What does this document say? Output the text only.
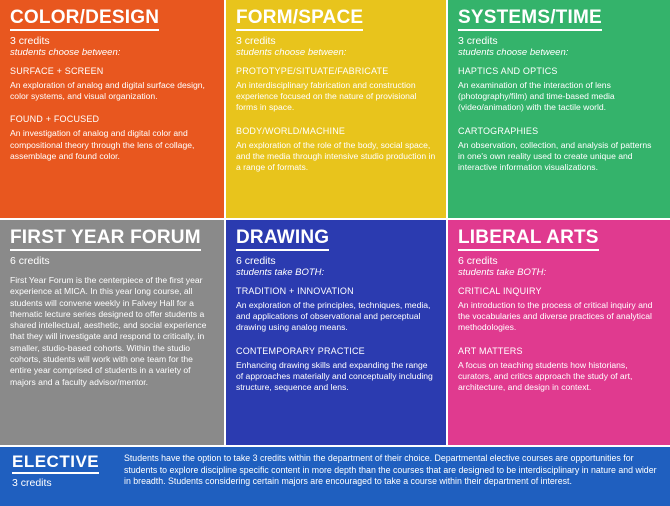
COLOR/DESIGN
3 credits
students choose between:
SURFACE + SCREEN
An exploration of analog and digital surface design, color systems, and visual organization.
FOUND + FOCUSED
An investigation of analog and digital color and compositional theory through the lens of collage, assemblage and found color.
FORM/SPACE
3 credits
students choose between:
PROTOTYPE/SITUATE/FABRICATE
An interdisciplinary fabrication and construction experience focused on the nature of provisional forms in space.
BODY/WORLD/MACHINE
An exploration of the role of the body, social space, and the media through intensive studio production in a range of formats.
SYSTEMS/TIME
3 credits
students choose between:
HAPTICS AND OPTICS
An examination of the interaction of lens (photography/film) and time-based media (video/animation) with the tactile world.
CARTOGRAPHIES
An observation, collection, and analysis of patterns in one's own reality used to create unique and interactive information visualizations.
FIRST YEAR FORUM
6 credits
First Year Forum is the centerpiece of the first year experience at MICA. In this year long course, all students will convene weekly in Falvey Hall for a thematic lecture series designed to offer students a shared intellectual, aesthetic, and social experience that they will investigate and respond to critically, in smaller, studio-based cohorts. Within the studio cohorts, students will work with one team for the entire year comprised of students in a variety of majors and a faculty advisor/mentor.
DRAWING
6 credits
students take BOTH:
TRADITION + INNOVATION
An exploration of the principles, techniques, media, and applications of observational and perceptual drawing using analog means.
CONTEMPORARY PRACTICE
Enhancing drawing skills and expanding the range of approaches materially and conceptually including structure, sequence and lens.
LIBERAL ARTS
6 credits
students take BOTH:
CRITICAL INQUIRY
An introduction to the process of critical inquiry and the vocabularies and diverse practices of analytical methodologies.
ART MATTERS
A focus on teaching students how historians, curators, and critics approach the study of art, architecture, and design in context.
ELECTIVE
3 credits
Students have the option to take 3 credits within the department of their choice. Departmental elective courses are opportunities for students to explore discipline specific content in more depth than the courses that are designed to be interdisciplinary in nature and wider in breadth. Students considering certain majors are encouraged to take a course within their department of interest.
